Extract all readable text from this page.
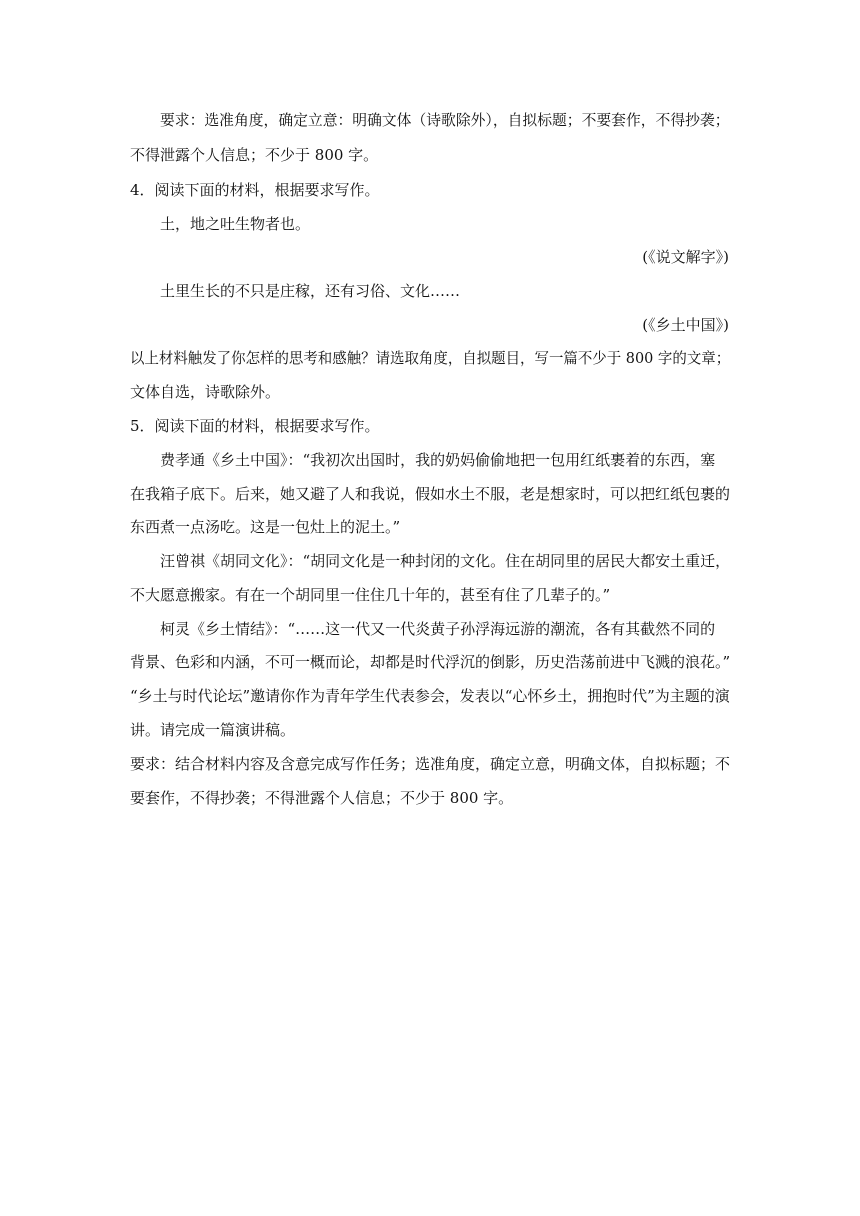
要求：选准角度，确定立意：明确文体（诗歌除外），自拟标题；不要套作，不得抄袭；
不得泄露个人信息；不少于 800 字。
4．阅读下面的材料，根据要求写作。
土，地之吐生物者也。
(《说文解字》)
土里生长的不只是庄稼，还有习俗、文化……
(《乡土中国》)
以上材料触发了你怎样的思考和感触？请选取角度，自拟题目，写一篇不少于 800 字的文章；
文体自选，诗歌除外。
5．阅读下面的材料，根据要求写作。
费孝通《乡土中国》：“我初次出国时，我的奶妈偷偷地把一包用红纸裹着的东西，塞
在我箱子底下。后来，她又避了人和我说，假如水土不服，老是想家时，可以把红纸包裹的
东西煮一点汤吃。这是一包灶上的泥土。”
汪曾祺《胡同文化》：“胡同文化是一种封闭的文化。住在胡同里的居民大都安土重迁，
不大愿意搬家。有在一个胡同里一住住几十年的，甚至有住了几辈子的。”
柯灵《乡土情结》：“……这一代又一代炎黄子孙浮海远游的潮流，各有其截然不同的
背景、色彩和内涵，不可一概而论，却都是时代浮沉的倒影，历史浩荡前进中飞溅的浪花。”
“乡土与时代论坛”邀请你作为青年学生代表参会，发表以“心怀乡土，拥抱时代”为主题的演
讲。请完成一篇演讲稿。
要求：结合材料内容及含意完成写作任务；选准角度，确定立意，明确文体，自拟标题；不
要套作，不得抄袭；不得泄露个人信息；不少于 800 字。
